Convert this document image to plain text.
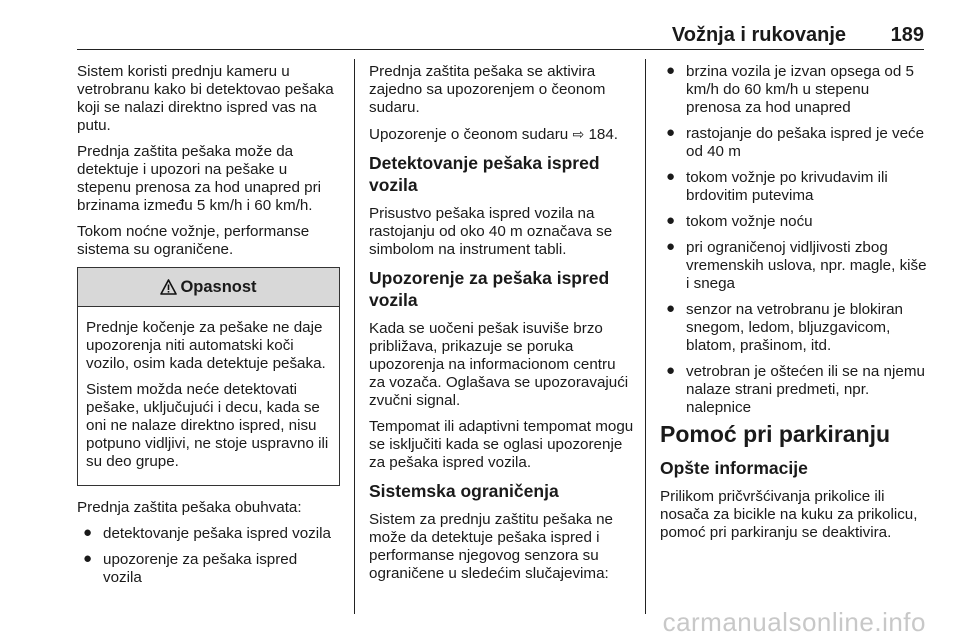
Vožnja i rukovanje 189

Sistem koristi prednju kameru u vetrobranu kako bi detektovao pešaka koji se nalazi direktno ispred vas na putu.

Prednja zaštita pešaka može da detektuje i upozori na pešake u stepenu prenosa za hod unapred pri brzinama između 5 km/h i 60 km/h.

Tokom noćne vožnje, performanse sistema su ograničene.

Opasnost

Prednje kočenje za pešake ne daje upozorenja niti automatski koči vozilo, osim kada detektuje pešaka.

Sistem možda neće detektovati pešake, uključujući i decu, kada se oni ne nalaze direktno ispred, nisu potpuno vidljivi, ne stoje uspravno ili su deo grupe.

Prednja zaštita pešaka obuhvata:

● detektovanje pešaka ispred vozila
● upozorenje za pešaka ispred vozila

Prednja zaštita pešaka se aktivira zajedno sa upozorenjem o čeonom sudaru.

Upozorenje o čeonom sudaru ⇨ 184.

Detektovanje pešaka ispred vozila

Prisustvo pešaka ispred vozila na rastojanju od oko 40 m označava se simbolom na instrument tabli.

Upozorenje za pešaka ispred vozila

Kada se uočeni pešak isuviše brzo približava, prikazuje se poruka upozorenja na informacionom centru za vozača. Oglašava se upozoravajući zvučni signal.

Tempomat ili adaptivni tempomat mogu se isključiti kada se oglasi upozorenje za pešaka ispred vozila.

Sistemska ograničenja

Sistem za prednju zaštitu pešaka ne može da detektuje pešaka ispred i performanse njegovog senzora su ograničene u sledećim slučajevima:

● brzina vozila je izvan opsega od 5 km/h do 60 km/h u stepenu prenosa za hod unapred
● rastojanje do pešaka ispred je veće od 40 m
● tokom vožnje po krivudavim ili brdovitim putevima
● tokom vožnje noću
● pri ograničenoj vidljivosti zbog vremenskih uslova, npr. magle, kiše i snega
● senzor na vetrobranu je blokiran snegom, ledom, bljuzgavicom, blatom, prašinom, itd.
● vetrobran je oštećen ili se na njemu nalaze strani predmeti, npr. nalepnice
Pomoć pri parkiranju
Opšte informacije

Prilikom pričvršćivanja prikolice ili nosača za bicikle na kuku za prikolicu, pomoć pri parkiranju se deaktivira.

carmanualsonline.info
